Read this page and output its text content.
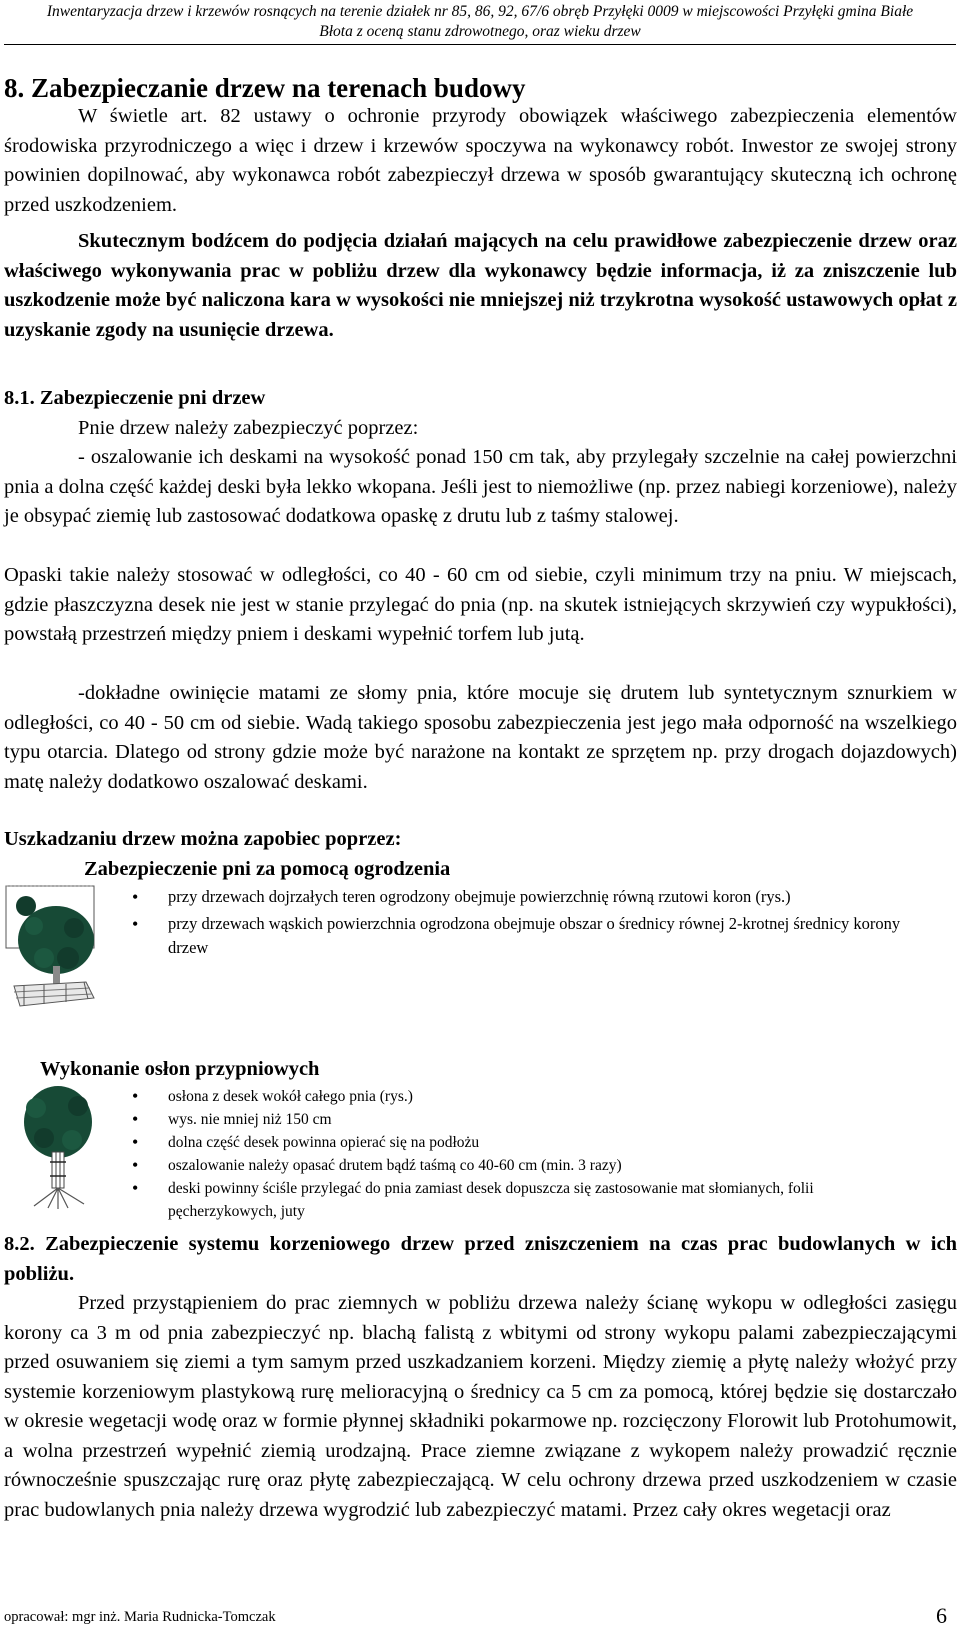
Inwentaryzacja drzew i krzewów rosnących na terenie działek nr 85, 86, 92, 67/6 obręb Przyłęki 0009 w miejscowości Przyłęki gmina Białe
Błota z oceną stanu zdrowotnego, oraz wieku drzew
8. Zabezpieczanie drzew na terenach budowy
W świetle art. 82 ustawy o ochronie przyrody obowiązek właściwego zabezpieczenia elementów środowiska przyrodniczego a więc i drzew i krzewów spoczywa na wykonawcy robót. Inwestor ze swojej strony powinien dopilnować, aby wykonawca robót zabezpieczył drzewa w sposób gwarantujący skuteczną ich ochronę przed uszkodzeniem.
Skutecznym bodźcem do podjęcia działań mających na celu prawidłowe zabezpieczenie drzew oraz właściwego wykonywania prac w pobliżu drzew dla wykonawcy będzie informacja, iż za zniszczenie lub uszkodzenie może być naliczona kara w wysokości nie mniejszej niż trzykrotna wysokość ustawowych opłat z uzyskanie zgody na usunięcie drzewa.
8.1. Zabezpieczenie pni drzew
Pnie drzew należy zabezpieczyć poprzez:
- oszalowanie ich deskami na wysokość ponad 150 cm tak, aby przylegały szczelnie na całej powierzchni pnia a dolna część każdej deski była lekko wkopana. Jeśli jest to niemożliwe (np. przez nabiegi korzeniowe), należy je obsypać ziemię lub zastosować dodatkowa opaskę z drutu lub z taśmy stalowej.
Opaski takie należy stosować w odległości, co 40 - 60 cm od siebie, czyli minimum trzy na pniu. W miejscach, gdzie płaszczyzna desek nie jest w stanie przylegać do pnia (np. na skutek istniejących skrzywień czy wypukłości), powstałą przestrzeń między pniem i deskami wypełnić torfem lub jutą.
-dokładne owinięcie matami ze słomy pnia, które mocuje się drutem lub syntetycznym sznurkiem w odległości, co 40 - 50 cm od siebie. Wadą takiego sposobu zabezpieczenia jest jego mała odporność na wszelkiego typu otarcia. Dlatego od strony gdzie może być narażone na kontakt ze sprzętem np. przy drogach dojazdowych) matę należy dodatkowo oszalować deskami.
Uszkadzaniu drzew można zapobiec poprzez:
Zabezpieczenie pni za pomocą ogrodzenia
• przy drzewach dojrzałych teren ogrodzony obejmuje powierzchnię równą rzutowi koron (rys.)
• przy drzewach wąskich powierzchnia ogrodzona obejmuje obszar o średnicy równej 2-krotnej średnicy korony drzew
Wykonanie osłon przypniowych
• osłona z desek wokół całego pnia (rys.)
• wys. nie mniej niż 150 cm
• dolna część desek powinna opierać się na podłożu
• oszalowanie należy opasać drutem bądź taśmą co 40-60 cm (min. 3 razy)
• deski powinny ściśle przylegać do pnia zamiast desek dopuszcza się zastosowanie mat słomianych, folii pęcherzykowych, juty
8.2. Zabezpieczenie systemu korzeniowego drzew przed zniszczeniem na czas prac budowlanych w ich pobliżu.
Przed przystąpieniem do prac ziemnych w pobliżu drzewa należy ścianę wykopu w odległości zasięgu korony ca 3 m od pnia zabezpieczyć np. blachą falistą z wbitymi od strony wykopu palami zabezpieczającymi przed osuwaniem się ziemi a tym samym przed uszkadzaniem korzeni. Między ziemię a płytę należy włożyć przy systemie korzeniowym plastykową rurę melioracyjną o średnicy ca 5 cm za pomocą, której będzie się dostarczało w okresie wegetacji wodę oraz w formie płynnej składniki pokarmowe np. rozcięczony Florowit lub Protohumowit, a wolna przestrzeń wypełnić ziemią urodzajną. Prace ziemne związane z wykopem należy prowadzić ręcznie równocześnie spuszczając rurę oraz płytę zabezpieczającą. W celu ochrony drzewa przed uszkodzeniem w czasie prac budowlanych pnia należy drzewa wygrodzić lub zabezpieczyć matami. Przez cały okres wegetacji oraz
opracował: mgr inż. Maria Rudnicka-Tomczak	6
